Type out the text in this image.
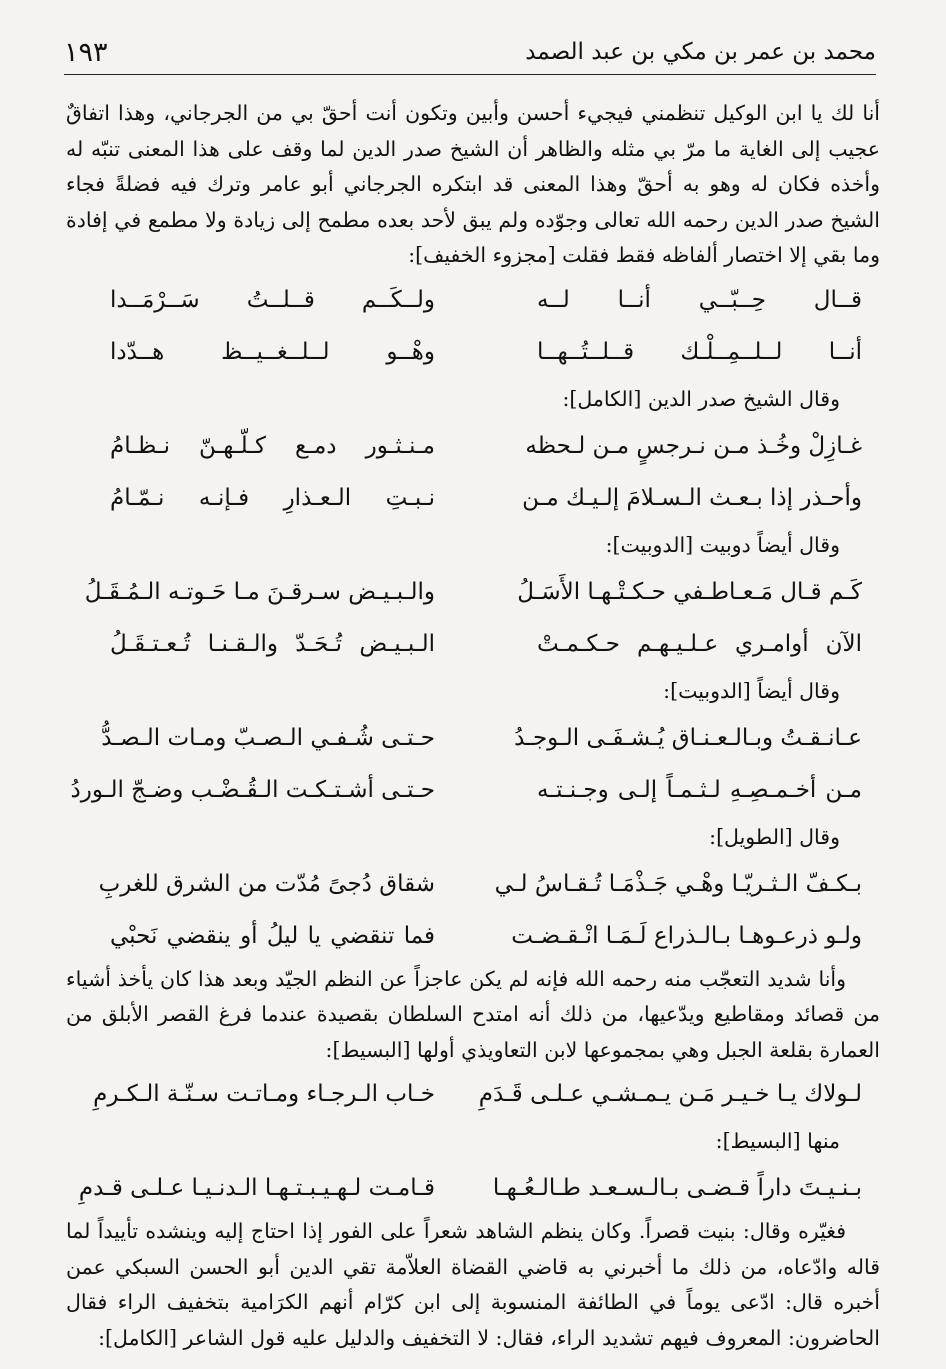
محمد بن عمر بن مكي بن عبد الصمد
١٩٣

أنا لك يا ابن الوكيل تنظمني فيجيء أحسن وأبين وتكون أنت أحقّ بي من الجرجاني، وهذا اتفاقٌ عجيب إلى الغاية ما مرّ بي مثله والظاهر أن الشيخ صدر الدين لما وقف على هذا المعنى تنبّه له وأخذه فكان له وهو به أحقّ وهذا المعنى قد ابتكره الجرجاني أبو عامر وترك فيه فضلةً فجاء الشيخ صدر الدين رحمه الله تعالى وجوّده ولم يبق لأحد بعده مطمح إلى زيادة ولا مطمع في إفادة وما بقي إلا اختصار ألفاظه فقط فقلت [مجزوء الخفيف]:

قــال حِــبّــي أنــا لــه
ولــكَــم قــلــتُ سَــرْمَــدا
أنــا لــلــمِــلْـك قــلــتُــهــا
وهْــو لــلــغــيــظ هــدّدا
وقال الشيخ صدر الدين [الكامل]:
غـازِلْ وخُـذ مـن نـرجسٍ مـن لـحظه
مـنـثـور دمـع كـلّـهـنّ نـظـامُ
وأحـذر إذا بـعـث الـسـلامَ إلـيـك مـن
نـبـتِ الـعـذارِ فـإنـه نـمّـامُ
وقال أيضاً دوبيت [الدوبيت]:
كَـم قـال مَـعـاطـفي حـكـتْـهـا الأَسَـلُ
والـبـيـض سـرقـنَ مـا حَـوتـه الـمُـقَـلُ
الآن أوامـري عـلـيـهـم حـكـمـتْ
الـبـيـض تُـحَـدّ والـقـنـا تُـعـتـقَـلُ
وقال أيضاً [الدوبيت]:
عـانـقـتُ وبـالـعـنـاق يُـشـفَـى الـوجـدُ
حـتـى شُـفـي الـصـبّ ومـات الـصـدُّ
مـن أخـمـصِـهِ لـثـمـاً إلـى وجـنـتـه
حـتـى أشـتـكـت الـقُـضْـب وضـجّ الـوردُ
وقال [الطويل]:
بـكـفّ الـثـريّـا وهْـي جَـذْمَـا تُـقـاسُ لـي
شقاق دُجىً مُدّت من الشرق للغربِ
ولـو ذرعـوهـا بـالـذراع لَـمَـا انْـقـضـت
فما تنقضي يا ليلُ أو ينقضي نَحبْي

وأنا شديد التعجّب منه رحمه الله فإنه لم يكن عاجزاً عن النظم الجيّد وبعد هذا كان يأخذ أشياء من قصائد ومقاطيع ويدّعيها، من ذلك أنه امتدح السلطان بقصيدة عندما فرغ القصر الأبلق من العمارة بقلعة الجبل وهي بمجموعها لابن التعاويذي أولها [البسيط]:

لـولاك يـا خـيـر مَـن يـمـشـي عـلـى قَـدَمِ
خـاب الـرجـاء ومـاتـت سـنّـة الـكـرمِ
منها [البسيط]:
بـنـيـتَ داراً قـضـى بـالـسـعـد طـالـعُـهـا
قـامـت لـهـيـبـتـهـا الـدنـيـا عـلـى قـدمِ

فغيّره وقال: بنيت قصراً. وكان ينظم الشاهد شعراً على الفور إذا احتاج إليه وينشده تأييداً لما قاله وادّعاه، من ذلك ما أخبرني به قاضي القضاة العلاّمة تقي الدين أبو الحسن السبكي عمن أخبره قال: ادّعى يوماً في الطائفة المنسوبة إلى ابن كرّام أنهم الكرَامية بتخفيف الراء فقال الحاضرون: المعروف فيهم تشديد الراء، فقال: لا التخفيف والدليل عليه قول الشاعر [الكامل]:
